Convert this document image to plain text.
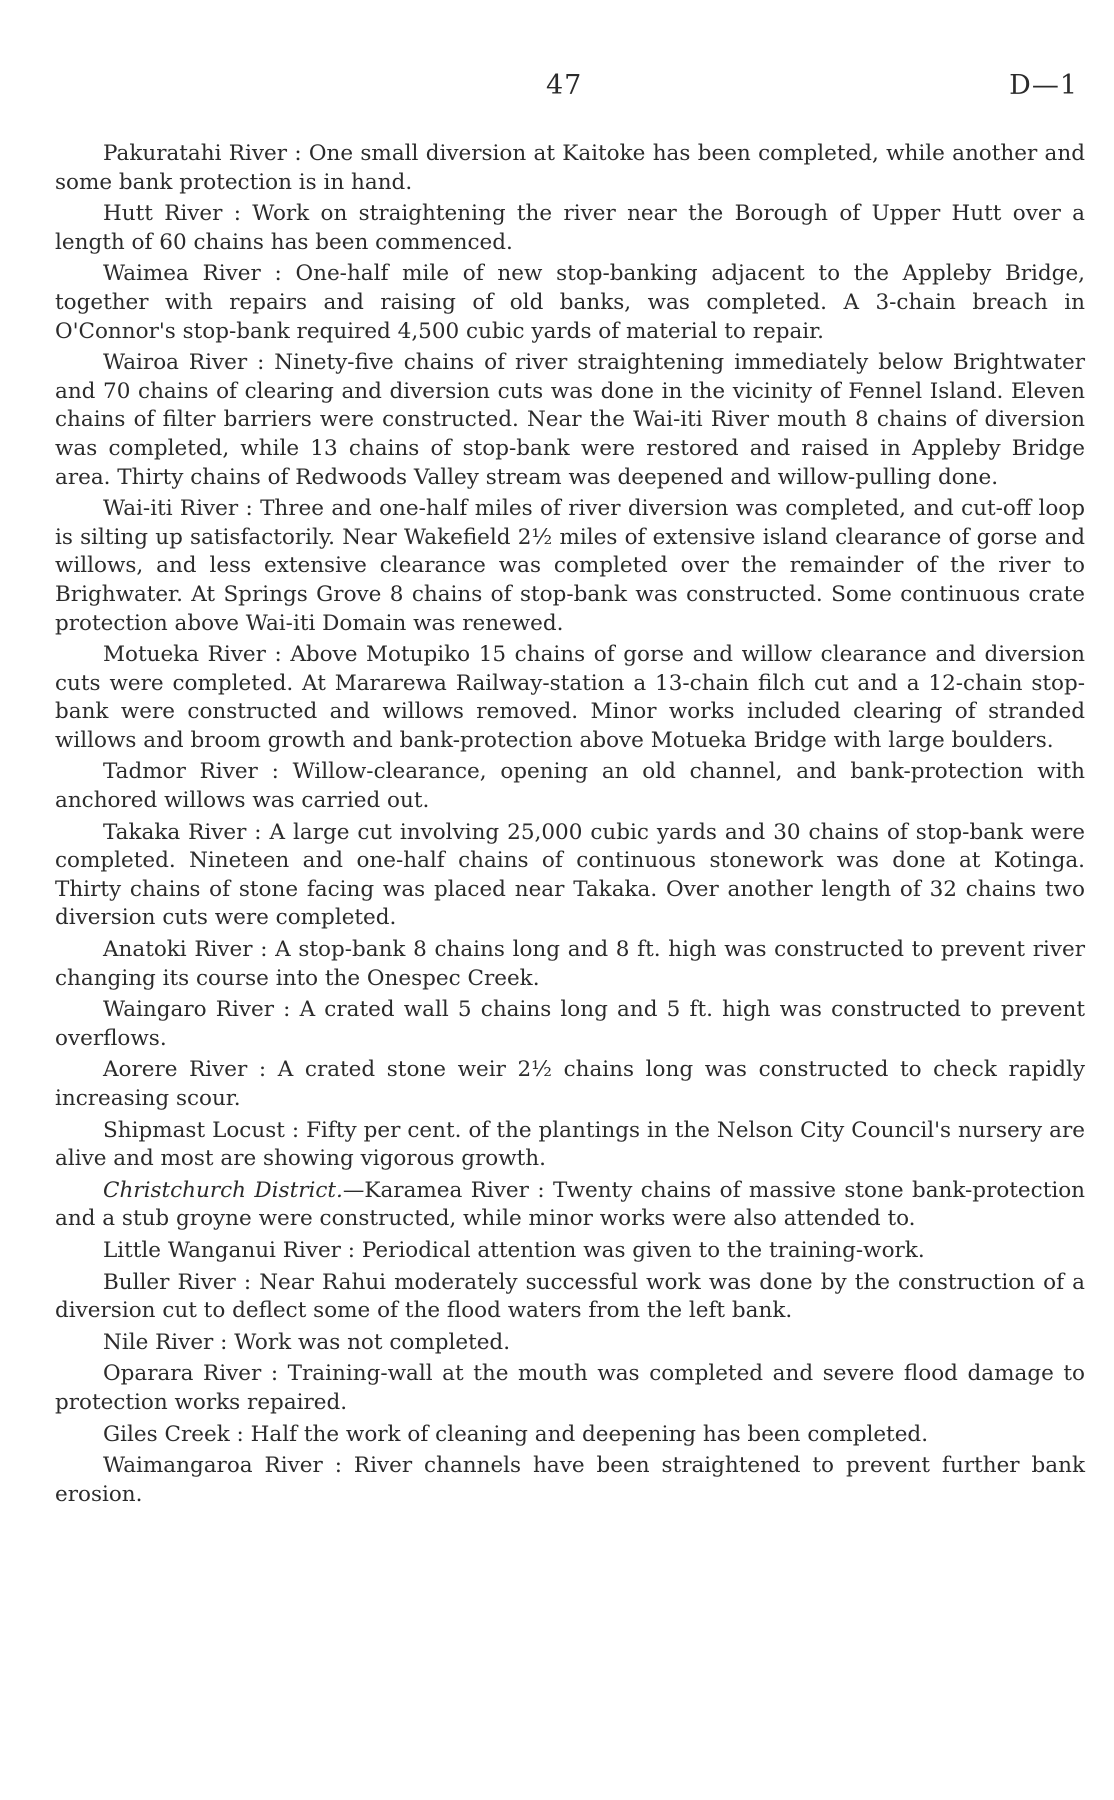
47	D—1

Pakuratahi River : One small diversion at Kaitoke has been completed, while another and some bank protection is in hand.

Hutt River : Work on straightening the river near the Borough of Upper Hutt over a length of 60 chains has been commenced.

Waimea River : One-half mile of new stop-banking adjacent to the Appleby Bridge, together with repairs and raising of old banks, was completed. A 3-chain breach in O'Connor's stop-bank required 4,500 cubic yards of material to repair.

Wairoa River : Ninety-five chains of river straightening immediately below Brightwater and 70 chains of clearing and diversion cuts was done in the vicinity of Fennel Island. Eleven chains of filter barriers were constructed. Near the Wai-iti River mouth 8 chains of diversion was completed, while 13 chains of stop-bank were restored and raised in Appleby Bridge area. Thirty chains of Redwoods Valley stream was deepened and willow-pulling done.

Wai-iti River : Three and one-half miles of river diversion was completed, and cut-off loop is silting up satisfactorily. Near Wakefield 2½ miles of extensive island clearance of gorse and willows, and less extensive clearance was completed over the remainder of the river to Brighwater. At Springs Grove 8 chains of stop-bank was constructed. Some continuous crate protection above Wai-iti Domain was renewed.

Motueka River : Above Motupiko 15 chains of gorse and willow clearance and diversion cuts were completed. At Mararewa Railway-station a 13-chain filch cut and a 12-chain stop-bank were constructed and willows removed. Minor works included clearing of stranded willows and broom growth and bank-protection above Motueka Bridge with large boulders.

Tadmor River : Willow-clearance, opening an old channel, and bank-protection with anchored willows was carried out.

Takaka River : A large cut involving 25,000 cubic yards and 30 chains of stop-bank were completed. Nineteen and one-half chains of continuous stonework was done at Kotinga. Thirty chains of stone facing was placed near Takaka. Over another length of 32 chains two diversion cuts were completed.

Anatoki River : A stop-bank 8 chains long and 8 ft. high was constructed to prevent river changing its course into the Onespec Creek.

Waingaro River : A crated wall 5 chains long and 5 ft. high was constructed to prevent overflows.

Aorere River : A crated stone weir 2½ chains long was constructed to check rapidly increasing scour.

Shipmast Locust : Fifty per cent. of the plantings in the Nelson City Council's nursery are alive and most are showing vigorous growth.

Christchurch District.—Karamea River : Twenty chains of massive stone bank-protection and a stub groyne were constructed, while minor works were also attended to.

Little Wanganui River : Periodical attention was given to the training-work.

Buller River : Near Rahui moderately successful work was done by the construction of a diversion cut to deflect some of the flood waters from the left bank.

Nile River : Work was not completed.

Oparara River : Training-wall at the mouth was completed and severe flood damage to protection works repaired.

Giles Creek : Half the work of cleaning and deepening has been completed.

Waimangaroa River : River channels have been straightened to prevent further bank erosion.
